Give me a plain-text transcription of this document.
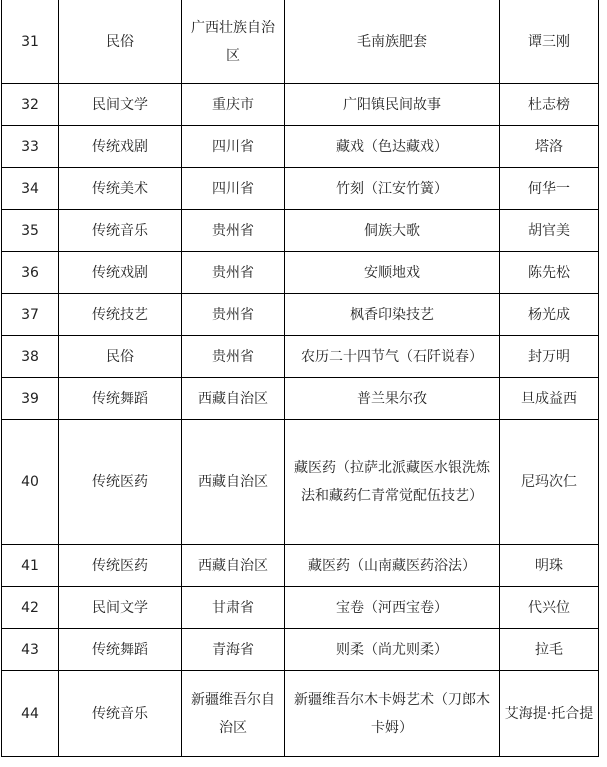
31	民俗	广西壮族自治区	毛南族肥套	谭三刚
32	民间文学	重庆市	广阳镇民间故事	杜志榜
33	传统戏剧	四川省	藏戏（色达藏戏）	塔洛
34	传统美术	四川省	竹刻（江安竹簧）	何华一
35	传统音乐	贵州省	侗族大歌	胡官美
36	传统戏剧	贵州省	安顺地戏	陈先松
37	传统技艺	贵州省	枫香印染技艺	杨光成
38	民俗	贵州省	农历二十四节气（石阡说春）	封万明
39	传统舞蹈	西藏自治区	普兰果尔孜	旦成益西
40	传统医药	西藏自治区	藏医药（拉萨北派藏医水银洗炼法和藏药仁青常觉配伍技艺）	尼玛次仁
41	传统医药	西藏自治区	藏医药（山南藏医药浴法）	明珠
42	民间文学	甘肃省	宝卷（河西宝卷）	代兴位
43	传统舞蹈	青海省	则柔（尚尤则柔）	拉毛
44	传统音乐	新疆维吾尔自治区	新疆维吾尔木卡姆艺术（刀郎木卡姆）	艾海提·托合提
